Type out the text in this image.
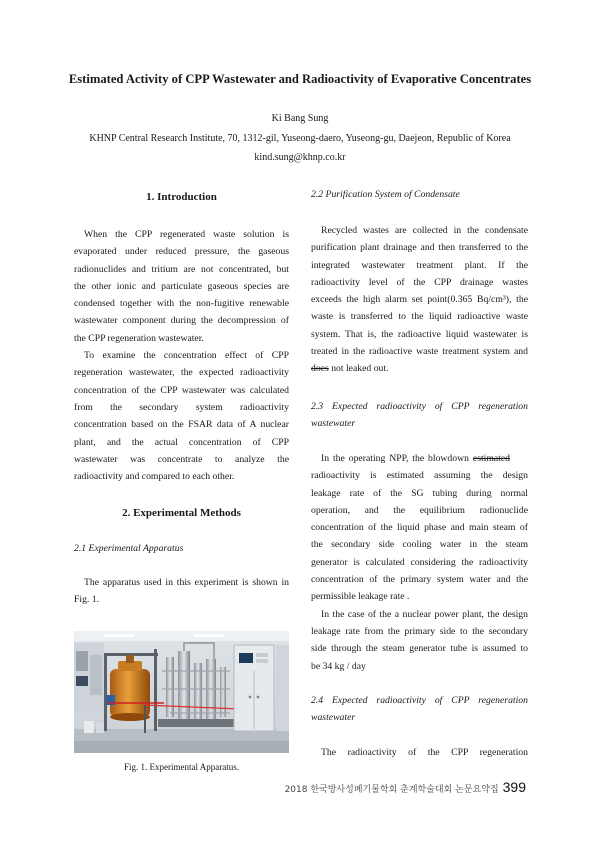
Estimated Activity of CPP Wastewater and Radioactivity of Evaporative Concentrates
Ki Bang Sung
KHNP Central Research Institute, 70, 1312-gil, Yuseong-daero, Yuseong-gu, Daejeon, Republic of Korea
kind.sung@khnp.co.kr
1. Introduction

When the CPP regenerated waste solution is

evaporated under reduced pressure, the gaseous

radionuclides and tritium are not concentrated, but

the other ionic and particulate gaseous species are

condensed together with the non-fugitive renewable

wastewater component during the decompression of

the CPP regeneration wastewater.

To examine the concentration effect of CPP

regeneration wastewater, the expected radioactivity

concentration of the CPP wastewater was calculated

from the secondary system radioactivity

concentration based on the FSAR data of A nuclear

plant, and the actual concentration of CPP

wastewater was concentrate to analyze the

radioactivity and compared to each other.

2. Experimental Methods
2.1 Experimental Apparatus

The apparatus used in this experiment is shown in

Fig. 1.

Fig. 1. Experimental Apparatus.
2.2 Purification System of Condensate

Recycled wastes are collected in the condensate

purification plant drainage and then transferred to the

integrated wastewater treatment plant. If the

radioactivity level of the CPP drainage wastes

exceeds the high alarm set point(0.365 Bq/cm³), the

waste is transferred to the liquid radioactive waste

system. That is, the radioactive liquid wastewater is

treated in the radioactive waste treatment system and

does not leaked out.

2.3 Expected radioactivity of CPP regeneration
wastewater

In the operating NPP, the blowdown estimated

radioactivity is estimated assuming the design

leakage rate of the SG tubing during normal

operation, and the equilibrium radionuclide

concentration of the liquid phase and main steam of

the secondary side cooling water in the steam

generator is calculated considering the radioactivity

concentration of the primary system water and the

permissible leakage rate .

In the case of the a nuclear power plant, the design

leakage rate from the primary side to the secondary

side through the steam generator tube is assumed to

be 34 kg / day

2.4 Expected radioactivity of CPP regeneration
wastewater

The radioactivity of the CPP regeneration

2018 한국방사성폐기물학회 춘계학술대회 논문요약집 399
